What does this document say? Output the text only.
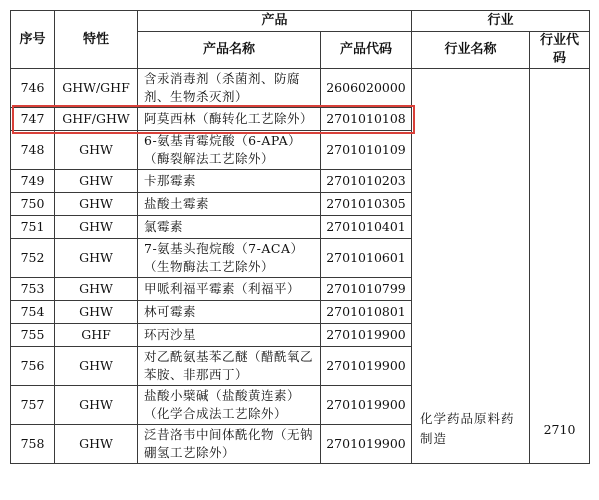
序号	特性	产品		行业	
		产品名称	产品代码	行业名称	行业代码
746	GHW/GHF	含汞消毒剂（杀菌剂、防腐剂、生物杀灭剂）	2606020000	化学药品原料药制造	2710
747	GHF/GHW	阿莫西林（酶转化工艺除外）	2701010108		
748	GHW	6-氨基青霉烷酸（6-APA）（酶裂解法工艺除外）	2701010109		
749	GHW	卡那霉素	2701010203		
750	GHW	盐酸土霉素	2701010305		
751	GHW	氯霉素	2701010401		
752	GHW	7-氨基头孢烷酸（7-ACA）（生物酶法工艺除外）	2701010601		
753	GHW	甲哌利福平霉素（利福平）	2701010799		
754	GHW	林可霉素	2701010801		
755	GHF	环丙沙星	2701019900		
756	GHW	对乙酰氨基苯乙醚（醋酰氧乙苯胺、非那西丁）	2701019900		
757	GHW	盐酸小檗碱（盐酸黄连素）（化学合成法工艺除外）	2701019900		
758	GHW	泛昔洛韦中间体酰化物（无钠硼氢工艺除外）	2701019900		
